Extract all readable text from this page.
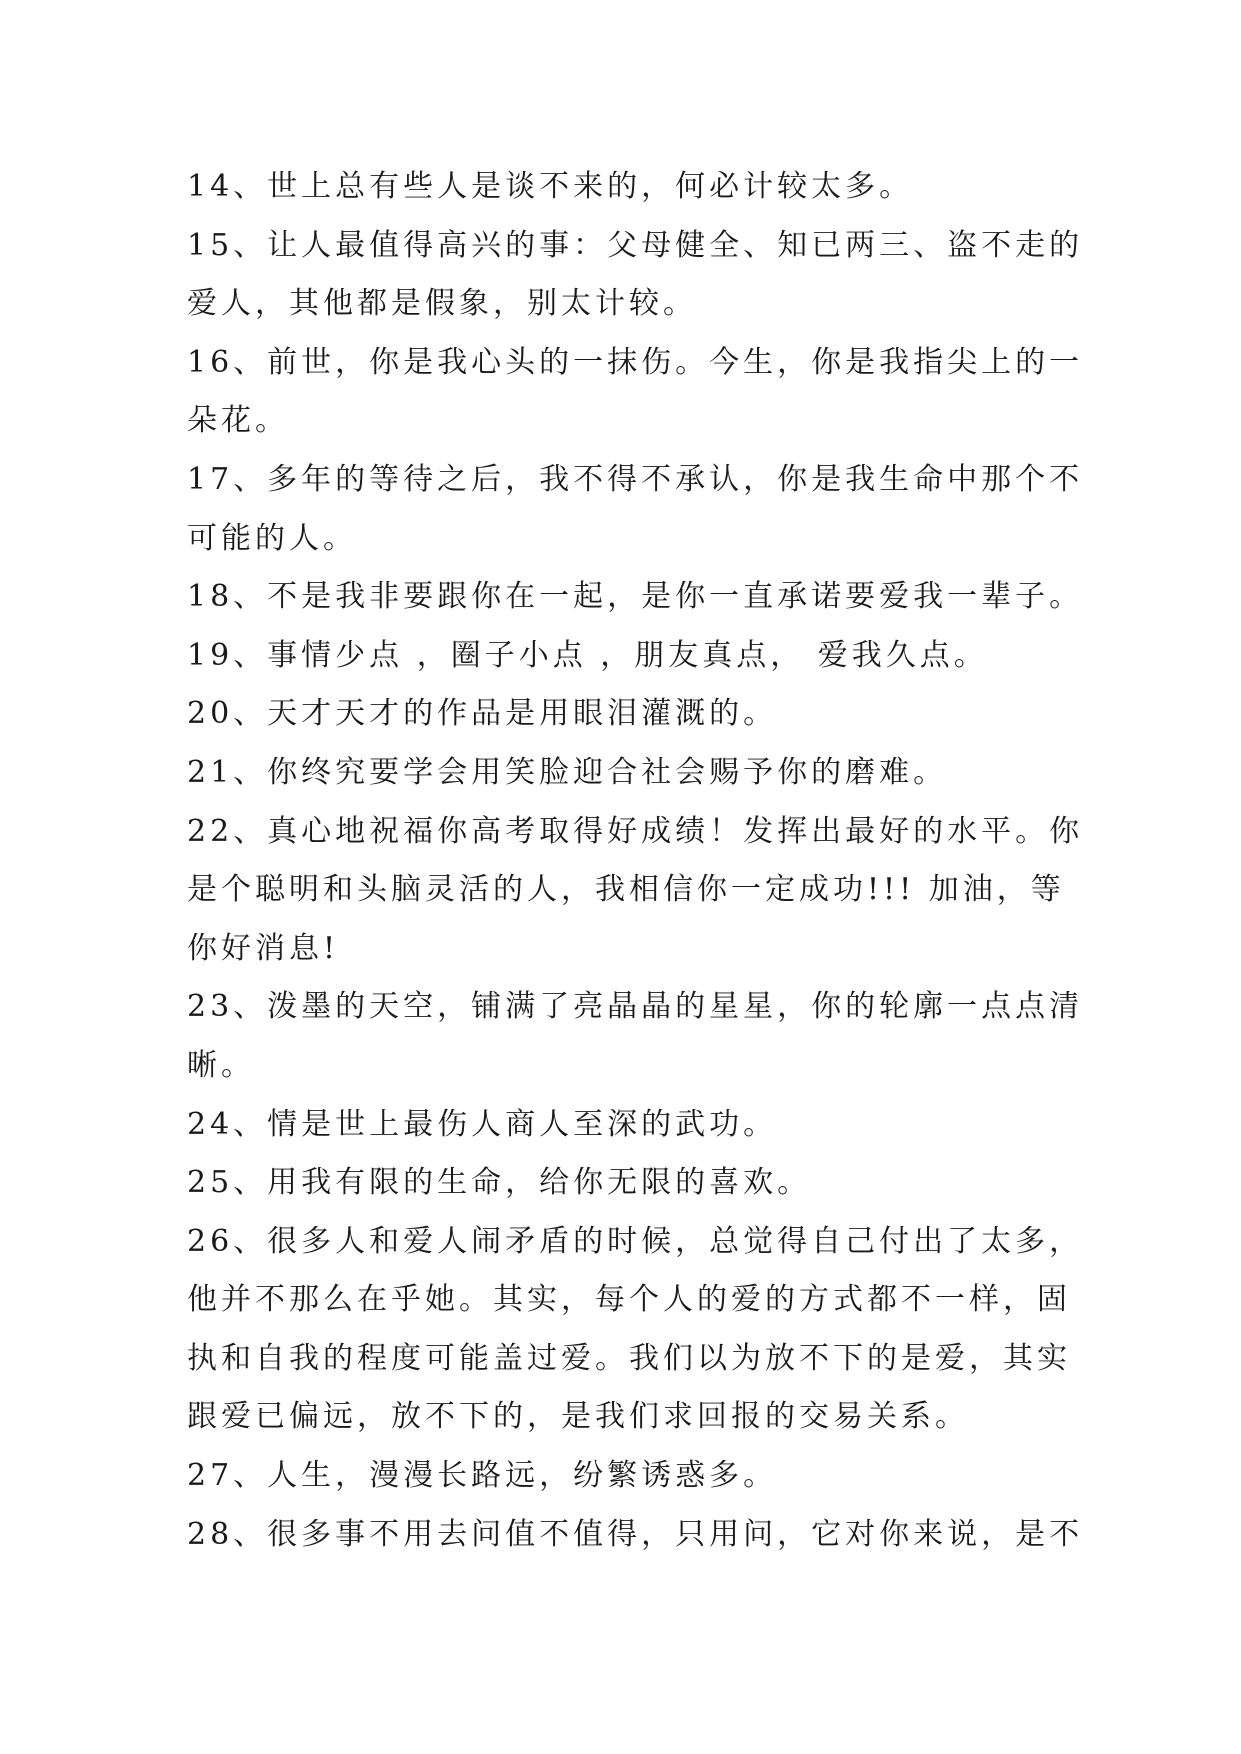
14、世上总有些人是谈不来的，何必计较太多。
15、让人最值得高兴的事：父母健全、知已两三、盗不走的
爱人，其他都是假象，别太计较。
16、前世，你是我心头的一抹伤。今生，你是我指尖上的一
朵花。
17、多年的等待之后，我不得不承认，你是我生命中那个不
可能的人。
18、不是我非要跟你在一起，是你一直承诺要爱我一辈子。
19、事情少点 ，圈子小点 ，朋友真点， 爱我久点。
20、天才天才的作品是用眼泪灌溉的。
21、你终究要学会用笑脸迎合社会赐予你的磨难。
22、真心地祝福你高考取得好成绩！发挥出最好的水平。你
是个聪明和头脑灵活的人，我相信你一定成功!!! 加油，等
你好消息!
23、泼墨的天空，铺满了亮晶晶的星星，你的轮廓一点点清
晰。
24、情是世上最伤人商人至深的武功。
25、用我有限的生命，给你无限的喜欢。
26、很多人和爱人闹矛盾的时候，总觉得自己付出了太多，
他并不那么在乎她。其实，每个人的爱的方式都不一样，固
执和自我的程度可能盖过爱。我们以为放不下的是爱，其实
跟爱已偏远，放不下的，是我们求回报的交易关系。
27、人生，漫漫长路远，纷繁诱惑多。
28、很多事不用去问值不值得，只用问，它对你来说，是不
